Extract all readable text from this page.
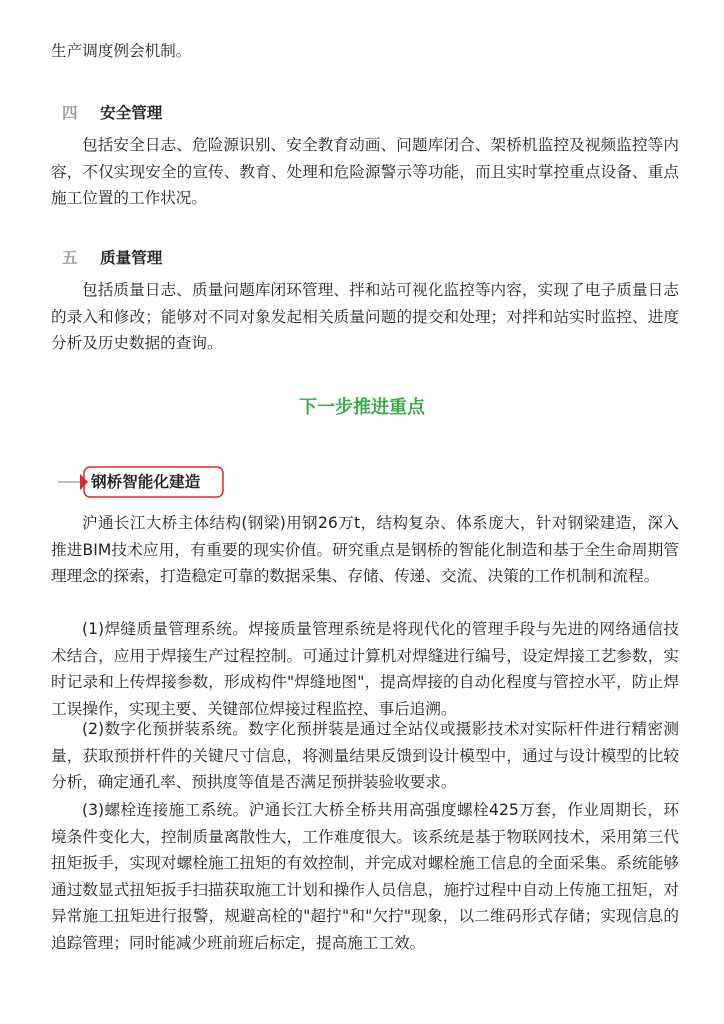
生产调度例会机制。

四	安全管理

包括安全日志、危险源识别、安全教育动画、问题库闭合、架桥机监控及视频监控等内容，不仅实现安全的宣传、教育、处理和危险源警示等功能，而且实时掌控重点设备、重点施工位置的工作状况。

五	质量管理

包括质量日志、质量问题库闭环管理、拌和站可视化监控等内容，实现了电子质量日志的录入和修改；能够对不同对象发起相关质量问题的提交和处理；对拌和站实时监控、进度分析及历史数据的查询。

下一步推进重点
钢桥智能化建造

沪通长江大桥主体结构(钢梁)用钢26万t，结构复杂、体系庞大，针对钢梁建造，深入推进BIM技术应用，有重要的现实价值。研究重点是钢桥的智能化制造和基于全生命周期管理理念的探索，打造稳定可靠的数据采集、存储、传递、交流、决策的工作机制和流程。

(1)焊缝质量管理系统。焊接质量管理系统是将现代化的管理手段与先进的网络通信技术结合，应用于焊接生产过程控制。可通过计算机对焊缝进行编号，设定焊接工艺参数，实时记录和上传焊接参数，形成构件"焊缝地图"，提高焊接的自动化程度与管控水平，防止焊工误操作，实现主要、关键部位焊接过程监控、事后追溯。

(2)数字化预拼装系统。数字化预拼装是通过全站仪或摄影技术对实际杆件进行精密测量，获取预拼杆件的关键尺寸信息，将测量结果反馈到设计模型中，通过与设计模型的比较分析，确定通孔率、预拱度等值是否满足预拼装验收要求。

(3)螺栓连接施工系统。沪通长江大桥全桥共用高强度螺栓425万套，作业周期长，环境条件变化大，控制质量离散性大，工作难度很大。该系统是基于物联网技术，采用第三代扭矩扳手，实现对螺栓施工扭矩的有效控制，并完成对螺栓施工信息的全面采集。系统能够通过数显式扭矩扳手扫描获取施工计划和操作人员信息，施拧过程中自动上传施工扭矩，对异常施工扭矩进行报警，规避高栓的"超拧"和"欠拧"现象，以二维码形式存储；实现信息的追踪管理；同时能减少班前班后标定，提高施工工效。
